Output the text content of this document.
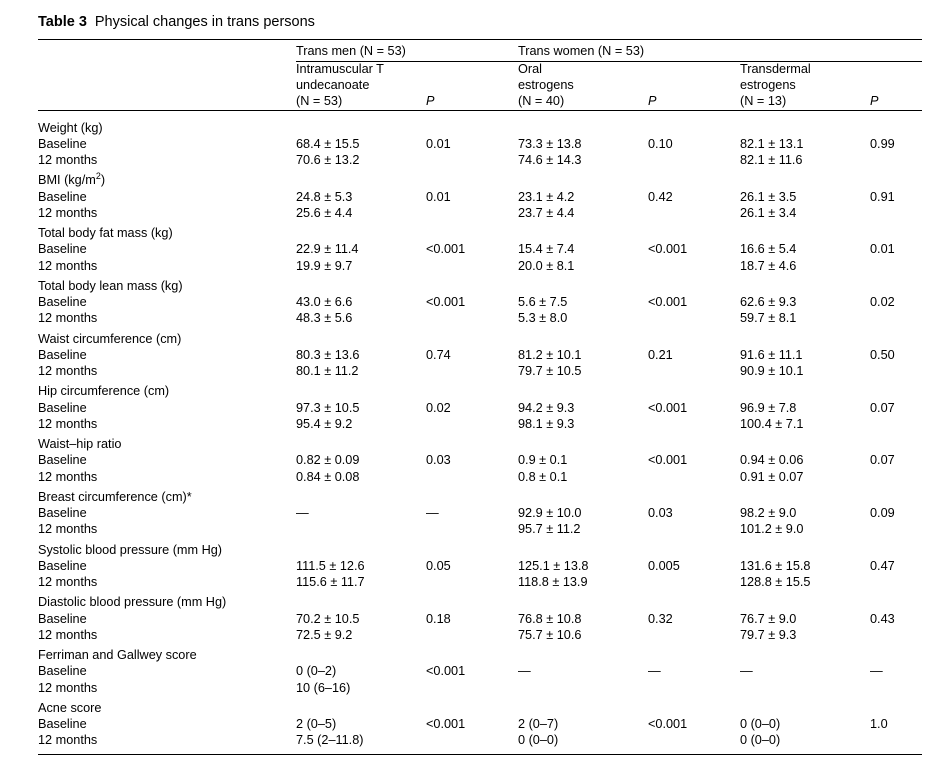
Table 3 Physical changes in trans persons

	Trans men (N = 53)		Trans women (N = 53)			

	Intramuscular T
undecanoate
(N = 53)	P	Oral
estrogens
(N = 40)	P	Transdermal
estrogens
(N = 13)	P

Weight (kg)						
Baseline	68.4 ± 15.5	0.01	73.3 ± 13.8	0.10	82.1 ± 13.1	0.99
12 months	70.6 ± 13.2		74.6 ± 14.3		82.1 ± 11.6	
BMI $(kg/m^2)$						
Baseline	24.8 ± 5.3	0.01	23.1 ± 4.2	0.42	26.1 ± 3.5	0.91
12 months	25.6 ± 4.4		23.7 ± 4.4		26.1 ± 3.4	
Total body fat mass (kg)						
Baseline	22.9 ± 11.4	<0.001	15.4 ± 7.4	<0.001	16.6 ± 5.4	0.01
12 months	19.9 ± 9.7		20.0 ± 8.1		18.7 ± 4.6	
Total body lean mass (kg)						
Baseline	43.0 ± 6.6	<0.001	5.6 ± 7.5	<0.001	62.6 ± 9.3	0.02
12 months	48.3 ± 5.6		5.3 ± 8.0		59.7 ± 8.1	
Waist circumference (cm)						
Baseline	80.3 ± 13.6	0.74	81.2 ± 10.1	0.21	91.6 ± 11.1	0.50
12 months	80.1 ± 11.2		79.7 ± 10.5		90.9 ± 10.1	
Hip circumference (cm)						
Baseline	97.3 ± 10.5	0.02	94.2 ± 9.3	<0.001	96.9 ± 7.8	0.07
12 months	95.4 ± 9.2		98.1 ± 9.3		100.4 ± 7.1	
Waist–hip ratio						
Baseline	0.82 ± 0.09	0.03	0.9 ± 0.1	<0.001	0.94 ± 0.06	0.07
12 months	0.84 ± 0.08		0.8 ± 0.1		0.91 ± 0.07	
Breast circumference (cm)*						
Baseline	—	—	92.9 ± 10.0	0.03	98.2 ± 9.0	0.09
12 months			95.7 ± 11.2		101.2 ± 9.0	
Systolic blood pressure (mm Hg)						
Baseline	111.5 ± 12.6	0.05	125.1 ± 13.8	0.005	131.6 ± 15.8	0.47
12 months	115.6 ± 11.7		118.8 ± 13.9		128.8 ± 15.5	
Diastolic blood pressure (mm Hg)						
Baseline	70.2 ± 10.5	0.18	76.8 ± 10.8	0.32	76.7 ± 9.0	0.43
12 months	72.5 ± 9.2		75.7 ± 10.6		79.7 ± 9.3	
Ferriman and Gallwey score						
Baseline	0 (0–2)	<0.001	—	—	—	—
12 months	10 (6–16)					
Acne score						
Baseline	2 (0–5)	<0.001	2 (0–7)	<0.001	0 (0–0)	1.0
12 months	7.5 (2–11.8)		0 (0–0)		0 (0–0)	
